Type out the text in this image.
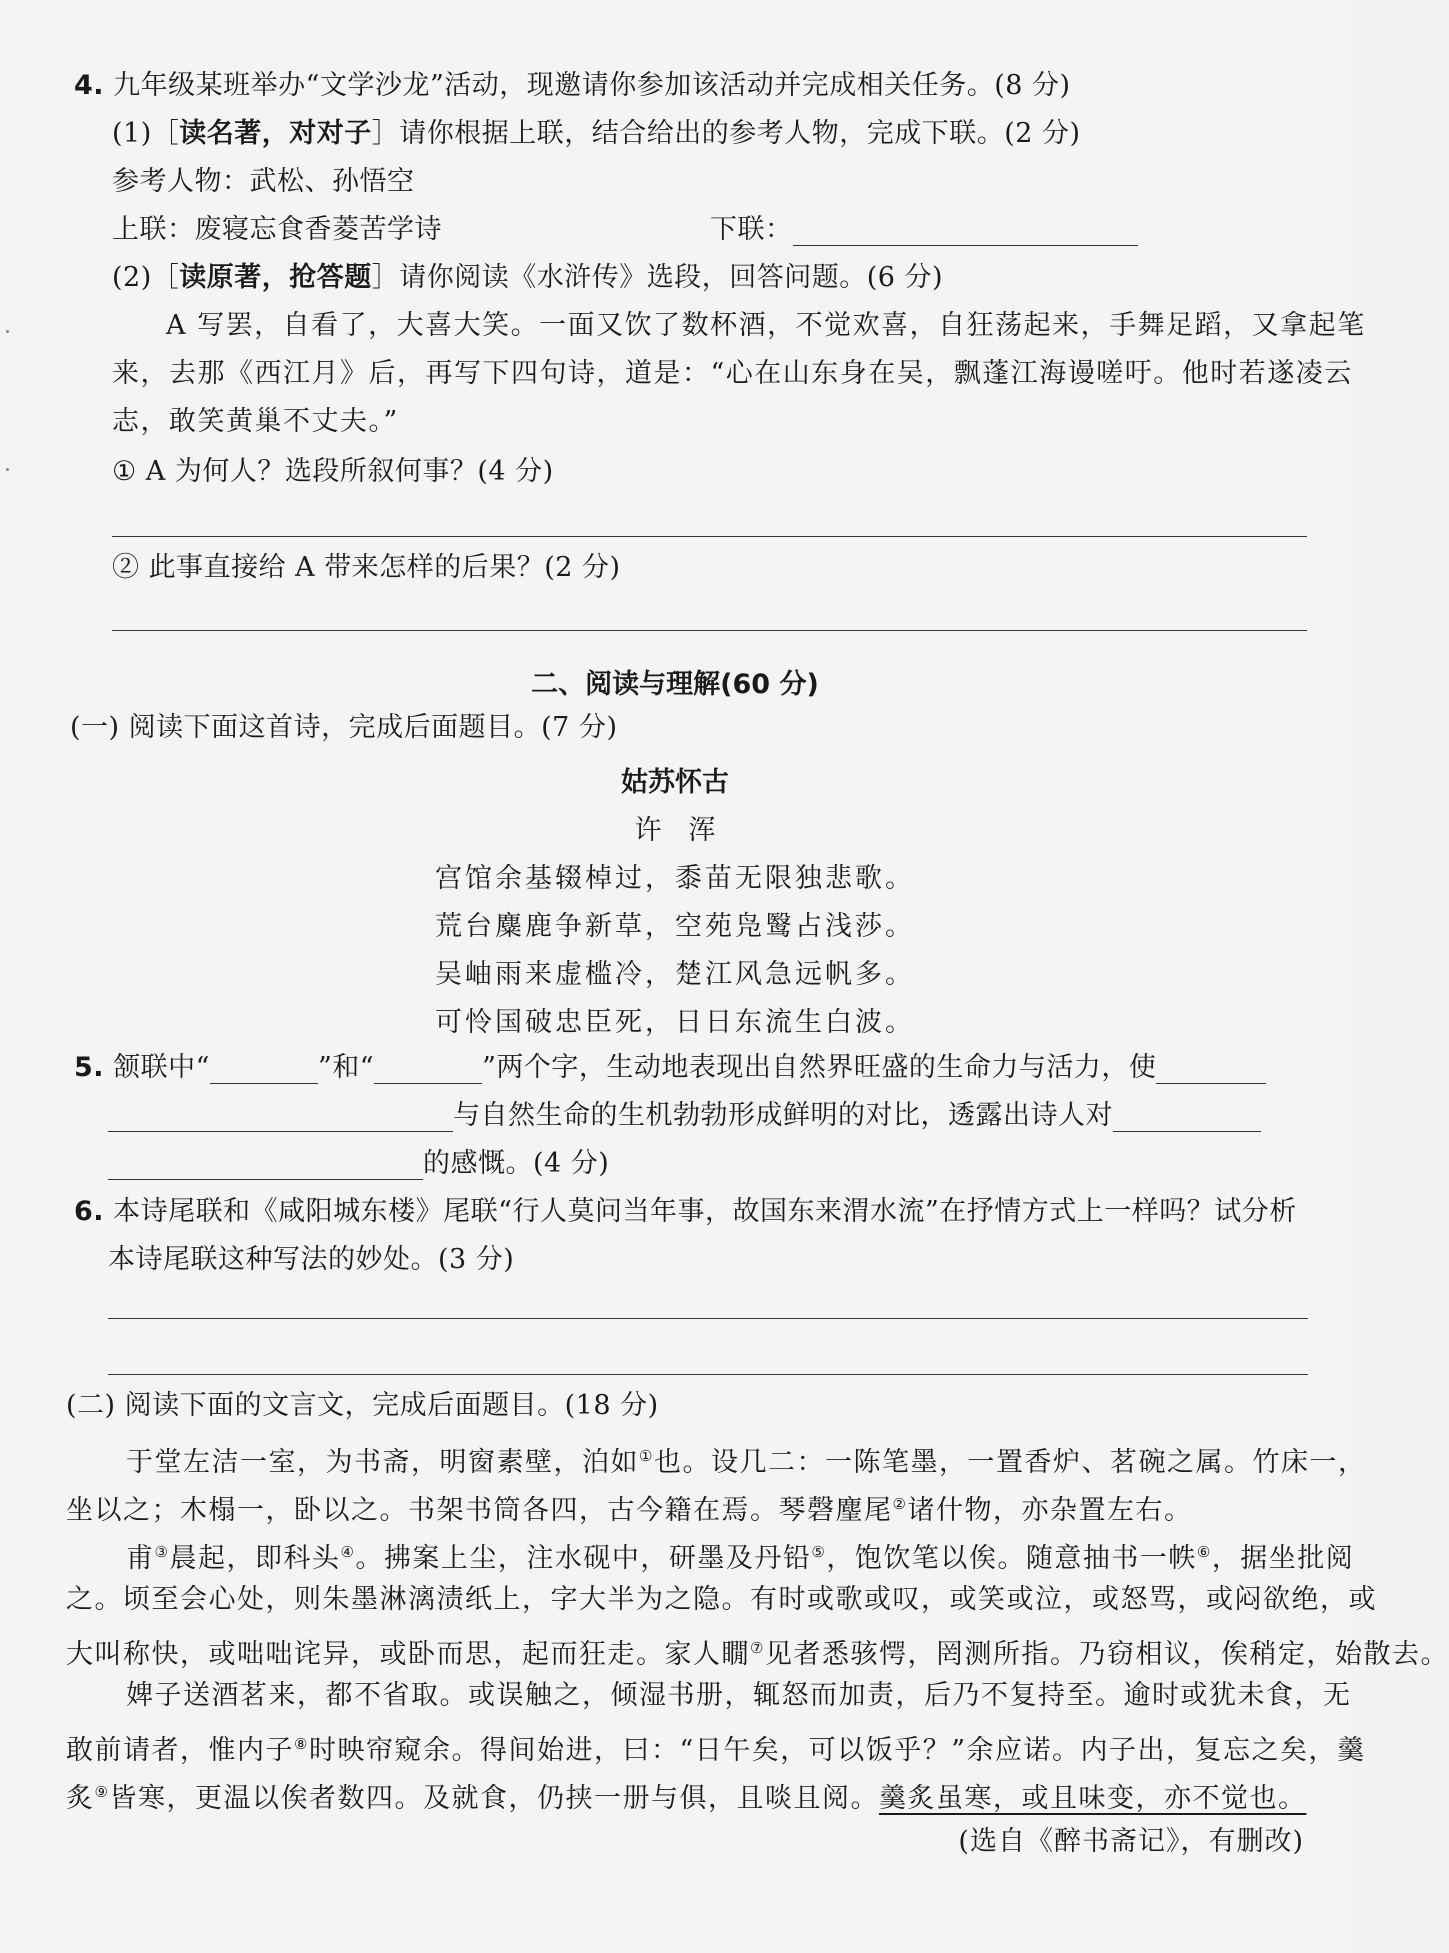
4. 九年级某班举办“文学沙龙”活动，现邀请你参加该活动并完成相关任务。(8 分)
(1)［读名著，对对子］请你根据上联，结合给出的参考人物，完成下联。(2 分)
参考人物：武松、孙悟空
上联：废寝忘食香菱苦学诗	下联：
(2)［读原著，抢答题］请你阅读《水浒传》选段，回答问题。(6 分)
A 写罢，自看了，大喜大笑。一面又饮了数杯酒，不觉欢喜，自狂荡起来，手舞足蹈，又拿起笔
来，去那《西江月》后，再写下四句诗，道是：“心在山东身在吴，飘蓬江海谩嗟吁。他时若遂凌云
志，敢笑黄巢不丈夫。”
① A 为何人？选段所叙何事？(4 分)
② 此事直接给 A 带来怎样的后果？(2 分)
二、阅读与理解(60 分)
(一) 阅读下面这首诗，完成后面题目。(7 分)
姑苏怀古
许　浑
宫馆余基辍棹过，黍苗无限独悲歌。
荒台麋鹿争新草，空苑凫鹥占浅莎。
吴岫雨来虚槛冷，楚江风急远帆多。
可怜国破忠臣死，日日东流生白波。
5. 颔联中“	”和“	”两个字，生动地表现出自然界旺盛的生命力与活力，使
与自然生命的生机勃勃形成鲜明的对比，透露出诗人对
的感慨。(4 分)
6. 本诗尾联和《咸阳城东楼》尾联“行人莫问当年事，故国东来渭水流”在抒情方式上一样吗？试分析
本诗尾联这种写法的妙处。(3 分)
(二) 阅读下面的文言文，完成后面题目。(18 分)
于堂左洁一室，为书斋，明窗素壁，泊如①也。设几二：一陈笔墨，一置香炉、茗碗之属。竹床一，
坐以之；木榻一，卧以之。书架书筒各四，古今籍在焉。琴磬麈尾②诸什物，亦杂置左右。
甫③晨起，即科头④。拂案上尘，注水砚中，研墨及丹铅⑤，饱饮笔以俟。随意抽书一帙⑥，据坐批阅
之。顷至会心处，则朱墨淋漓渍纸上，字大半为之隐。有时或歌或叹，或笑或泣，或怒骂，或闷欲绝，或
大叫称快，或咄咄诧异，或卧而思，起而狂走。家人瞯⑦见者悉骇愕，罔测所指。乃窃相议，俟稍定，始散去。
婢子送酒茗来，都不省取。或误触之，倾湿书册，辄怒而加责，后乃不复持至。逾时或犹未食，无
敢前请者，惟内子⑧时映帘窥余。得间始进，曰：“日午矣，可以饭乎？”余应诺。内子出，复忘之矣，羹
炙⑨皆寒，更温以俟者数四。及就食，仍挟一册与俱，且啖且阅。羹炙虽寒，或且味变，亦不觉也。
(选自《醉书斋记》，有删改)
